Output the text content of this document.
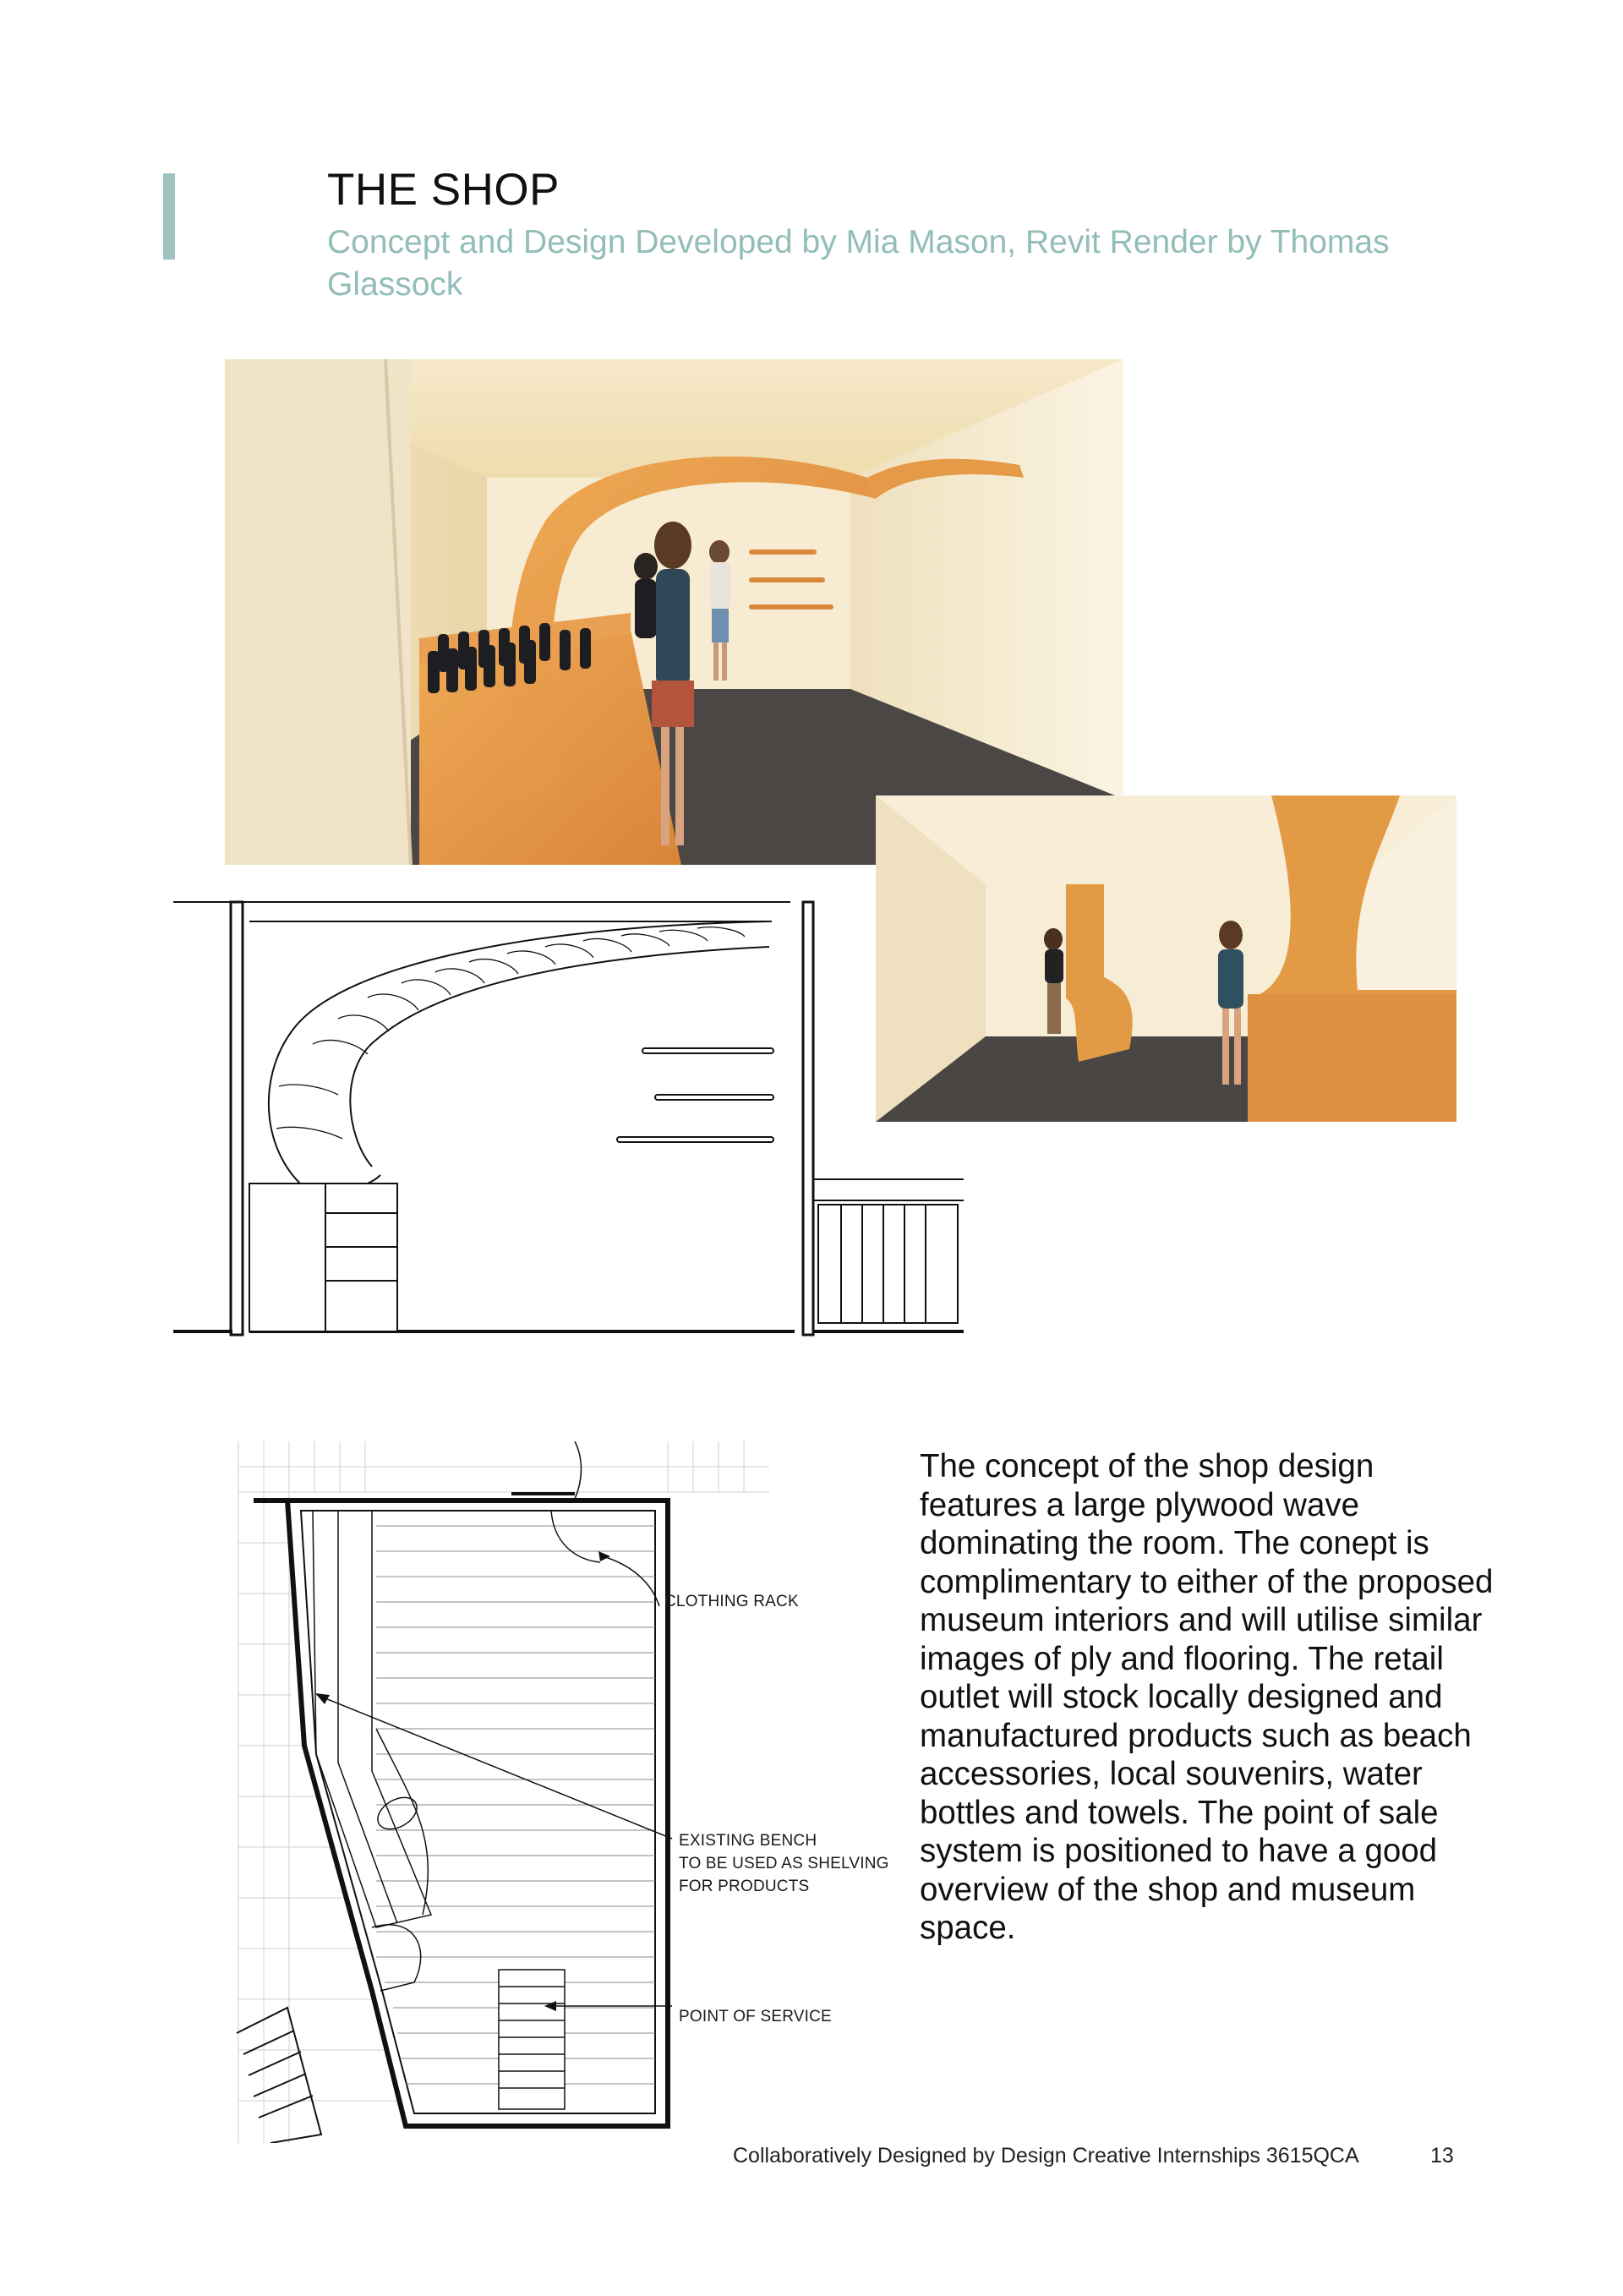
THE SHOP
Concept and Design Developed by Mia Mason, Revit Render by Thomas Glassock
CLOTHING RACK
EXISTING BENCH
TO BE USED AS SHELVING
FOR PRODUCTS
POINT OF SERVICE

The concept of the shop design features a large plywood wave dominating the room. The conept is complimentary to either of the proposed museum interiors and will utilise similar images of ply and flooring. The retail outlet will stock locally designed and manufactured products such as beach accessories, local souvenirs, water bottles and towels. The point of sale system is positioned to have a good overview of the shop and museum space.

Collaboratively Designed by Design Creative Internships 3615QCA	13
